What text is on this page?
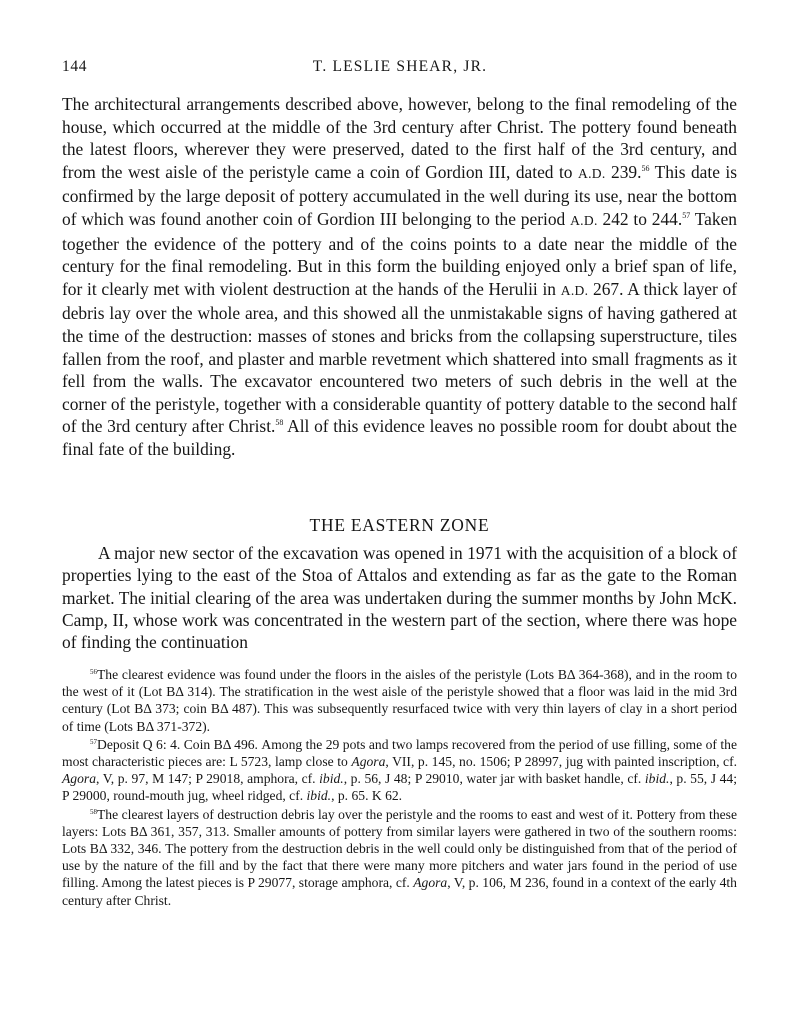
144	T. LESLIE SHEAR, JR.

The architectural arrangements described above, however, belong to the final remodeling of the house, which occurred at the middle of the 3rd century after Christ. The pottery found beneath the latest floors, wherever they were preserved, dated to the first half of the 3rd century, and from the west aisle of the peristyle came a coin of Gordion III, dated to A.D. 239.56 This date is confirmed by the large deposit of pottery accumulated in the well during its use, near the bottom of which was found another coin of Gordion III belonging to the period A.D. 242 to 244.57 Taken together the evidence of the pottery and of the coins points to a date near the middle of the century for the final remodeling. But in this form the building enjoyed only a brief span of life, for it clearly met with violent destruction at the hands of the Herulii in A.D. 267. A thick layer of debris lay over the whole area, and this showed all the unmistakable signs of having gathered at the time of the destruction: masses of stones and bricks from the collapsing superstructure, tiles fallen from the roof, and plaster and marble revetment which shattered into small fragments as it fell from the walls. The excavator encountered two meters of such debris in the well at the corner of the peristyle, together with a considerable quantity of pottery datable to the second half of the 3rd century after Christ.$^{58}$ All of this evidence leaves no possible room for doubt about the final fate of the building.

THE EASTERN ZONE

A major new sector of the excavation was opened in 1971 with the acquisition of a block of properties lying to the east of the Stoa of Attalos and extending as far as the gate to the Roman market. The initial clearing of the area was undertaken during the summer months by John McK. Camp, II, whose work was concentrated in the western part of the section, where there was hope of finding the continuation

$^{56}$The clearest evidence was found under the floors in the aisles of the peristyle (Lots BΔ 364-368), and in the room to the west of it (Lot BΔ 314). The stratification in the west aisle of the peristyle showed that a floor was laid in the mid 3rd century (Lot BΔ 373; coin BΔ 487). This was subsequently resurfaced twice with very thin layers of clay in a short period of time (Lots BΔ 371-372).

$^{57}$Deposit Q 6: 4. Coin BΔ 496. Among the 29 pots and two lamps recovered from the period of use filling, some of the most characteristic pieces are: L 5723, lamp close to Agora, VII, p. 145, no. 1506; P 28997, jug with painted inscription, cf. Agora, V, p. 97, M 147; P 29018, amphora, cf. ibid., p. 56, J 48; P 29010, water jar with basket handle, cf. ibid., p. 55, J 44; P 29000, round-mouth jug, wheel ridged, cf. ibid., p. 65. K 62.

$^{58}$The clearest layers of destruction debris lay over the peristyle and the rooms to east and west of it. Pottery from these layers: Lots BΔ 361, 357, 313. Smaller amounts of pottery from similar layers were gathered in two of the southern rooms: Lots BΔ 332, 346. The pottery from the destruction debris in the well could only be distinguished from that of the period of use by the nature of the fill and by the fact that there were many more pitchers and water jars found in the period of use filling. Among the latest pieces is P 29077, storage amphora, cf. Agora, V, p. 106, M 236, found in a context of the early 4th century after Christ.
